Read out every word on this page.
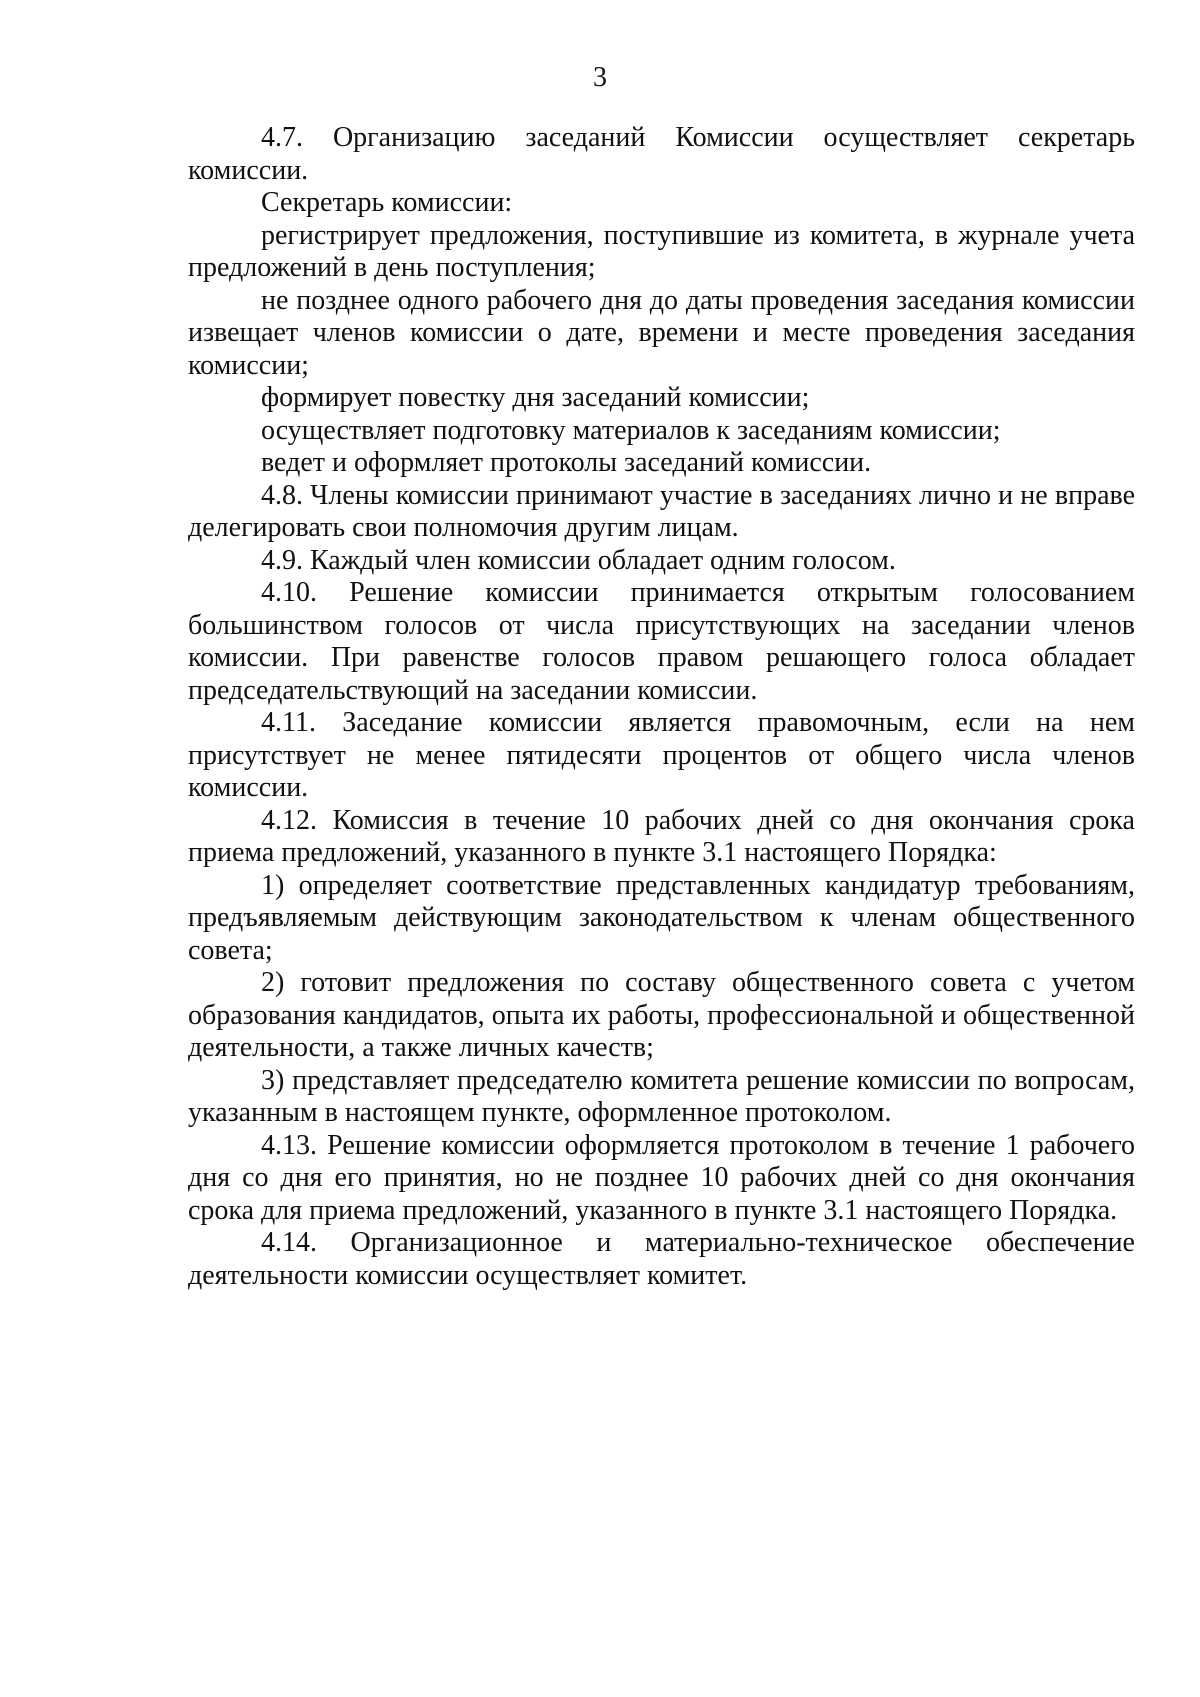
3

4.7. Организацию заседаний Комиссии осуществляет секретарь комиссии.

Секретарь комиссии:

регистрирует предложения, поступившие из комитета, в журнале учета предложений в день поступления;

не позднее одного рабочего дня до даты проведения заседания комиссии извещает членов комиссии о дате, времени и месте проведения заседания комиссии;

формирует повестку дня заседаний комиссии;

осуществляет подготовку материалов к заседаниям комиссии;

ведет и оформляет протоколы заседаний комиссии.

4.8. Члены комиссии принимают участие в заседаниях лично и не вправе делегировать свои полномочия другим лицам.

4.9. Каждый член комиссии обладает одним голосом.

4.10. Решение комиссии принимается открытым голосованием большинством голосов от числа присутствующих на заседании членов комиссии. При равенстве голосов правом решающего голоса обладает председательствующий на заседании комиссии.

4.11. Заседание комиссии является правомочным, если на нем присутствует не менее пятидесяти процентов от общего числа членов комиссии.

4.12. Комиссия в течение 10 рабочих дней со дня окончания срока приема предложений, указанного в пункте 3.1 настоящего Порядка:

1) определяет соответствие представленных кандидатур требованиям, предъявляемым действующим законодательством к членам общественного совета;

2) готовит предложения по составу общественного совета с учетом образования кандидатов, опыта их работы, профессиональной и общественной деятельности, а также личных качеств;

3) представляет председателю комитета решение комиссии по вопросам, указанным в настоящем пункте, оформленное протоколом.

4.13. Решение комиссии оформляется протоколом в течение 1 рабочего дня со дня его принятия, но не позднее 10 рабочих дней со дня окончания срока для приема предложений, указанного в пункте 3.1 настоящего Порядка.

4.14. Организационное и материально-техническое обеспечение деятельности комиссии осуществляет комитет.
